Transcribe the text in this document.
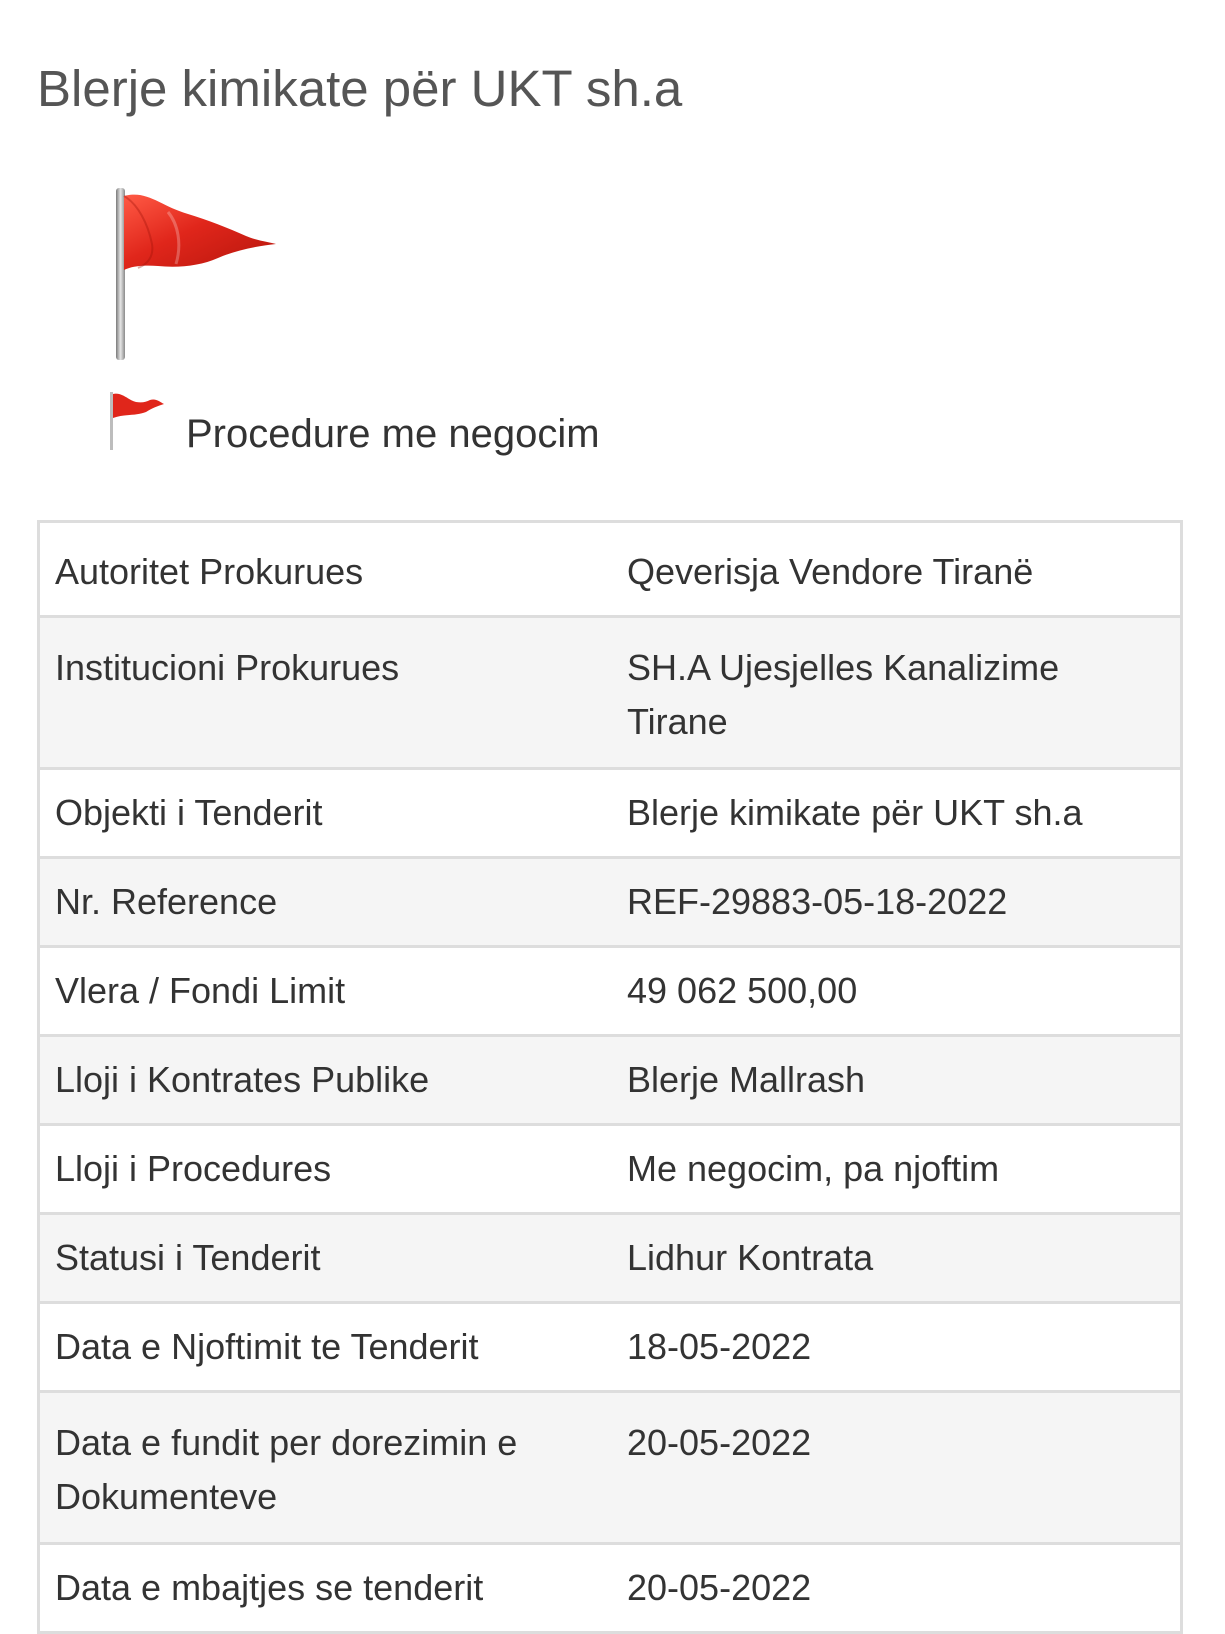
Blerje kimikate për UKT sh.a
Procedure me negocim
Autoritet Prokurues	Qeverisja Vendore Tiranë
Institucioni Prokurues	SH.A Ujesjelles Kanalizime Tirane
Objekti i Tenderit	Blerje kimikate për UKT sh.a
Nr. Reference	REF-29883-05-18-2022
Vlera / Fondi Limit	49 062 500,00
Lloji i Kontrates Publike	Blerje Mallrash
Lloji i Procedures	Me negocim, pa njoftim
Statusi i Tenderit	Lidhur Kontrata
Data e Njoftimit te Tenderit	18-05-2022
Data e fundit per dorezimin e Dokumenteve	20-05-2022
Data e mbajtjes se tenderit	20-05-2022
